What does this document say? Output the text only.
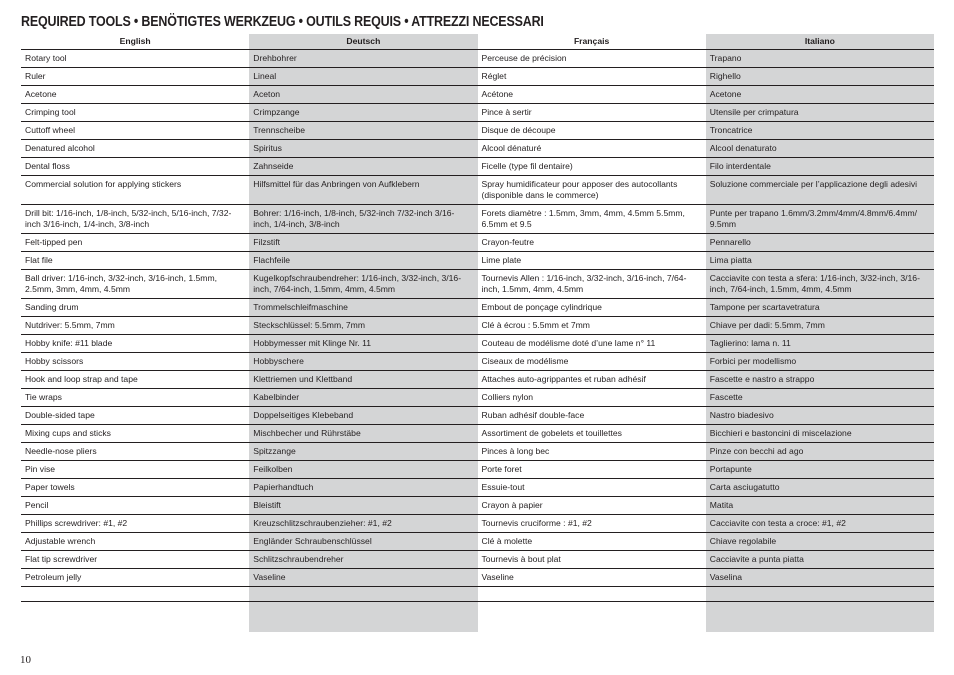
REQUIRED TOOLS • BENÖTIGTES WERKZEUG • OUTILS REQUIS • ATTREZZI NECESSARI
English	Deutsch	Français	Italiano
Rotary tool	Drehbohrer	Perceuse de précision	Trapano
Ruler	Lineal	Réglet	Righello
Acetone	Aceton	Acétone	Acetone
Crimping tool	Crimpzange	Pince à sertir	Utensile per crimpatura
Cuttoff wheel	Trennscheibe	Disque de découpe	Troncatrice
Denatured alcohol	Spiritus	Alcool dénaturé	Alcool denaturato
Dental floss	Zahnseide	Ficelle (type fil dentaire)	Filo interdentale
Commercial solution for applying stickers	Hilfsmittel für das Anbringen von Aufklebern	Spray humidificateur pour apposer des autocollants (disponible dans le commerce)	Soluzione commerciale per l’applicazione degli adesivi
Drill bit: 1/16-inch, 1/8-inch, 5/32-inch, 5/16-inch, 7/32-inch 3/16-inch, 1/4-inch, 3/8-inch	Bohrer: 1/16-inch, 1/8-inch, 5/32-inch 7/32-inch 3/16-inch, 1/4-inch, 3/8-inch	Forets diamètre : 1.5mm, 3mm, 4mm, 4.5mm 5.5mm, 6.5mm et 9.5	Punte per trapano 1.6mm/3.2mm/4mm/4.8mm/6.4mm/ 9.5mm
Felt-tipped pen	Filzstift	Crayon-feutre	Pennarello
Flat file	Flachfeile	Lime plate	Lima piatta
Ball driver: 1/16-inch, 3/32-inch, 3/16-inch, 1.5mm, 2.5mm, 3mm, 4mm, 4.5mm	Kugelkopfschraubendreher: 1/16-inch, 3/32-inch, 3/16-inch, 7/64-inch, 1.5mm, 4mm, 4.5mm	Tournevis Allen : 1/16-inch, 3/32-inch, 3/16-inch, 7/64-inch, 1.5mm, 4mm, 4.5mm	Cacciavite con testa a sfera: 1/16-inch, 3/32-inch, 3/16-inch, 7/64-inch, 1.5mm, 4mm, 4.5mm
Sanding drum	Trommelschleifmaschine	Embout de ponçage cylindrique	Tampone per scartavetratura
Nutdriver: 5.5mm, 7mm	Steckschlüssel: 5.5mm, 7mm	Clé à écrou : 5.5mm et 7mm	Chiave per dadi: 5.5mm, 7mm
Hobby knife: #11 blade	Hobbymesser mit Klinge Nr. 11	Couteau de modélisme doté d’une lame n° 11	Taglierino: lama n. 11
Hobby scissors	Hobbyschere	Ciseaux de modélisme	Forbici per modellismo
Hook and loop strap and tape	Klettriemen und Klettband	Attaches auto-agrippantes et ruban adhésif	Fascette e nastro a strappo
Tie wraps	Kabelbinder	Colliers nylon	Fascette
Double-sided tape	Doppelseitiges Klebeband	Ruban adhésif double-face	Nastro biadesivo
Mixing cups and sticks	Mischbecher und Rührstäbe	Assortiment de gobelets et touillettes	Bicchieri e bastoncini di miscelazione
Needle-nose pliers	Spitzzange	Pinces à long bec	Pinze con becchi ad ago
Pin vise	Feilkolben	Porte foret	Portapunte
Paper towels	Papierhandtuch	Essuie-tout	Carta asciugatutto
Pencil	Bleistift	Crayon à papier	Matita
Phillips screwdriver: #1, #2	Kreuzschlitzschraubenzieher: #1, #2	Tournevis cruciforme : #1, #2	Cacciavite con testa a croce: #1, #2
Adjustable wrench	Engländer Schraubenschlüssel	Clé à molette	Chiave regolabile
Flat tip screwdriver	Schlitzschraubendreher	Tournevis à bout plat	Cacciavite a punta piatta
Petroleum jelly	Vaseline	Vaseline	Vaselina

10
